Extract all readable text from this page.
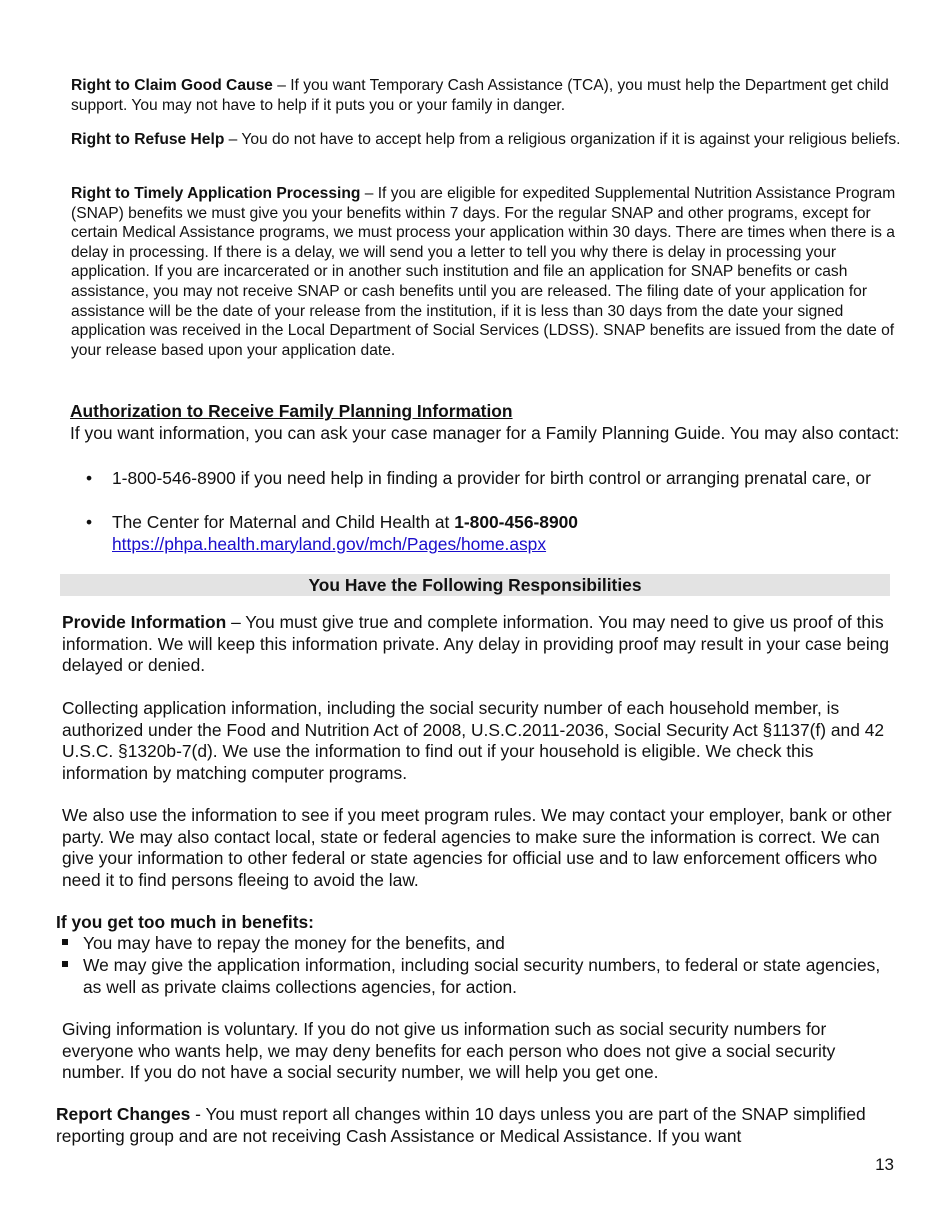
Right to Claim Good Cause – If you want Temporary Cash Assistance (TCA), you must help the Department get child support. You may not have to help if it puts you or your family in danger.
Right to Refuse Help – You do not have to accept help from a religious organization if it is against your religious beliefs.
Right to Timely Application Processing – If you are eligible for expedited Supplemental Nutrition Assistance Program (SNAP) benefits we must give you your benefits within 7 days. For the regular SNAP and other programs, except for certain Medical Assistance programs, we must process your application within 30 days. There are times when there is a delay in processing. If there is a delay, we will send you a letter to tell you why there is delay in processing your application. If you are incarcerated or in another such institution and file an application for SNAP benefits or cash assistance, you may not receive SNAP or cash benefits until you are released. The filing date of your application for assistance will be the date of your release from the institution, if it is less than 30 days from the date your signed application was received in the Local Department of Social Services (LDSS). SNAP benefits are issued from the date of your release based upon your application date.
Authorization to Receive Family Planning Information
If you want information, you can ask your case manager for a Family Planning Guide. You may also contact:
• 1-800-546-8900 if you need help in finding a provider for birth control or arranging prenatal care, or
• The Center for Maternal and Child Health at 1-800-456-8900
https://phpa.health.maryland.gov/mch/Pages/home.aspx
You Have the Following Responsibilities
Provide Information – You must give true and complete information. You may need to give us proof of this information. We will keep this information private. Any delay in providing proof may result in your case being delayed or denied.
Collecting application information, including the social security number of each household member, is authorized under the Food and Nutrition Act of 2008, U.S.C.2011-2036, Social Security Act §1137(f) and 42 U.S.C. §1320b-7(d). We use the information to find out if your household is eligible. We check this information by matching computer programs.
We also use the information to see if you meet program rules. We may contact your employer, bank or other party. We may also contact local, state or federal agencies to make sure the information is correct. We can give your information to other federal or state agencies for official use and to law enforcement officers who need it to find persons fleeing to avoid the law.
If you get too much in benefits:
You may have to repay the money for the benefits, and
We may give the application information, including social security numbers, to federal or state agencies, as well as private claims collections agencies, for action.
Giving information is voluntary. If you do not give us information such as social security numbers for everyone who wants help, we may deny benefits for each person who does not give a social security number. If you do not have a social security number, we will help you get one.
Report Changes - You must report all changes within 10 days unless you are part of the SNAP simplified reporting group and are not receiving Cash Assistance or Medical Assistance. If you want
13
